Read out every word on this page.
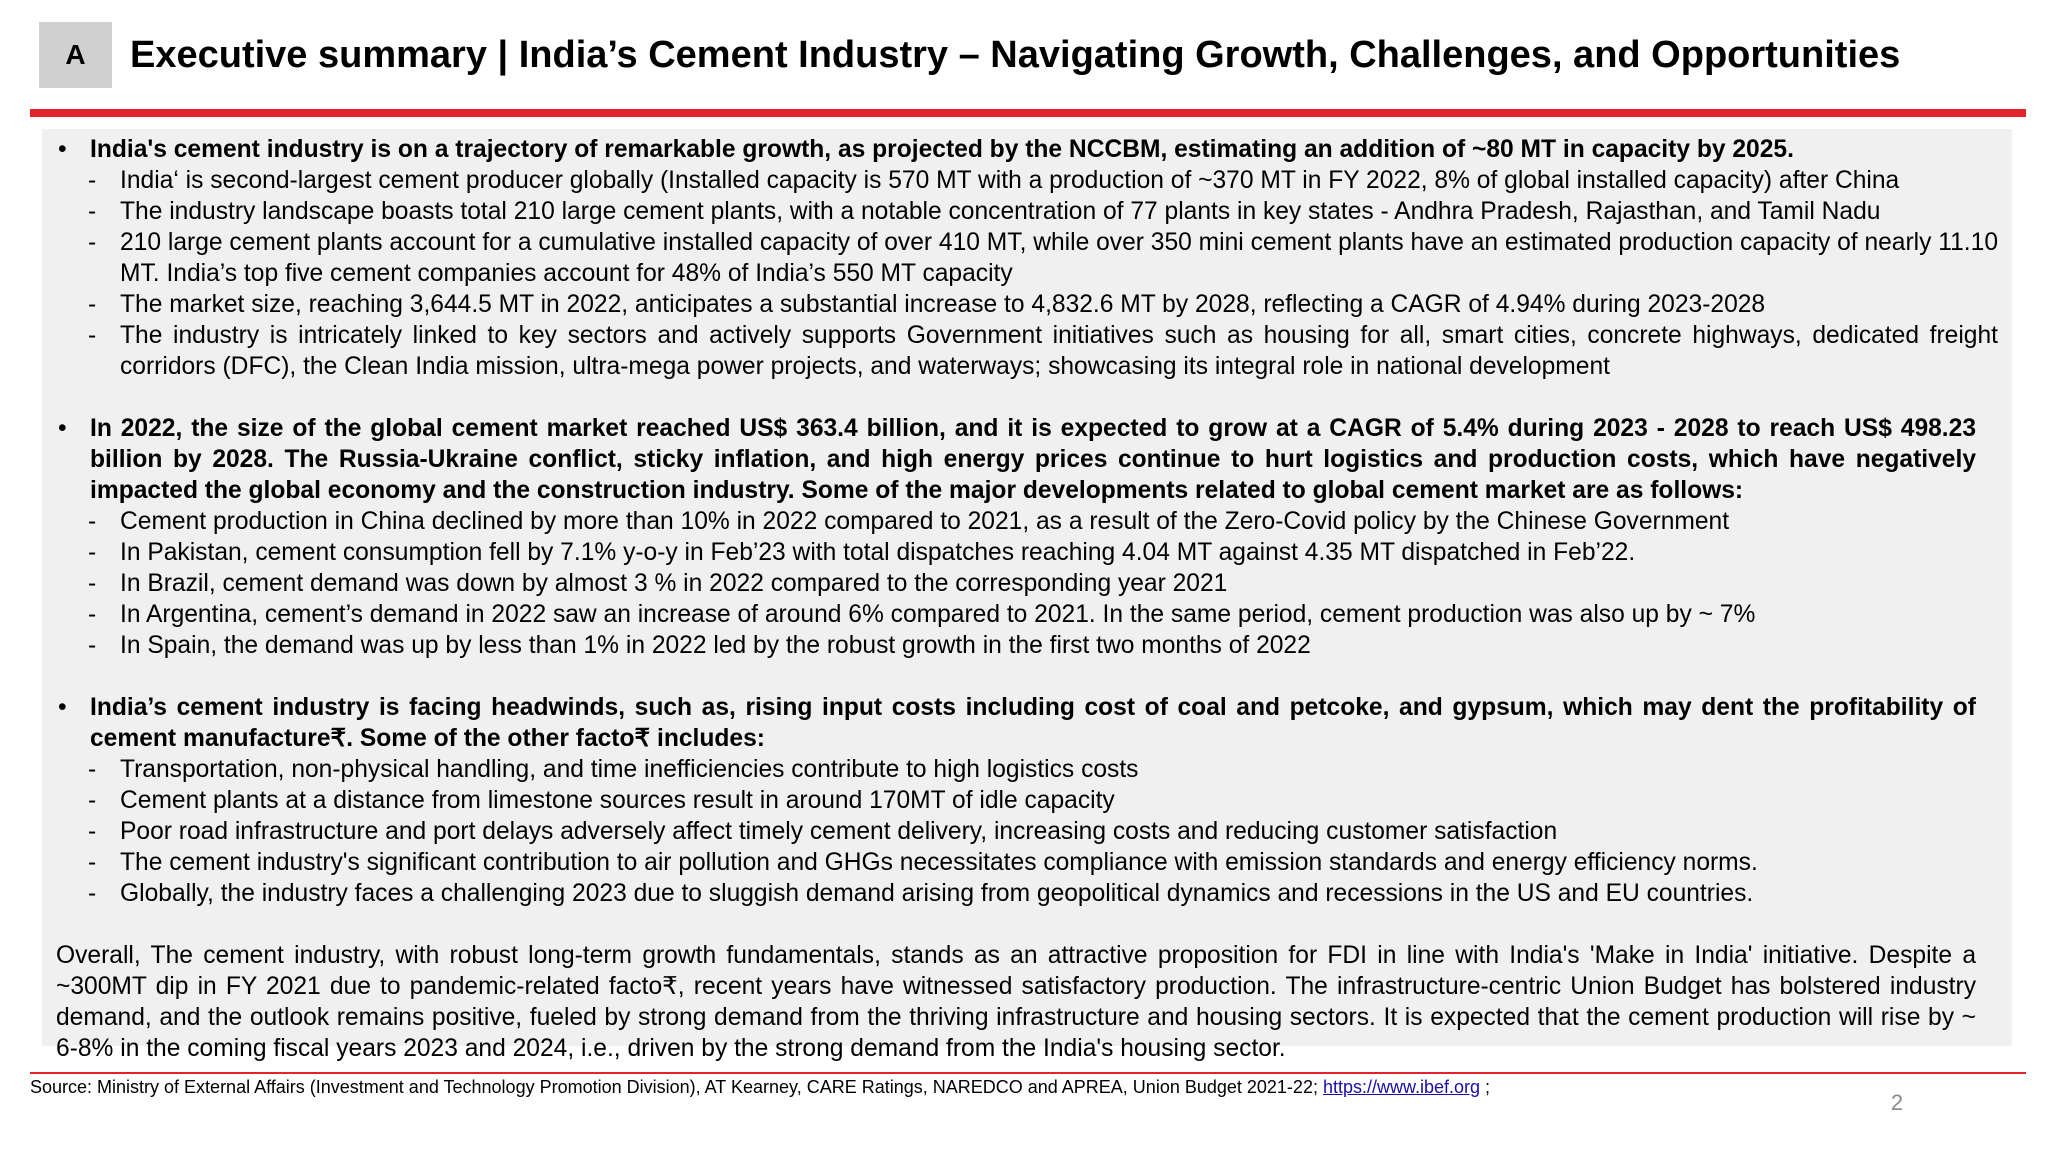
A	Executive summary | India’s Cement Industry – Navigating Growth, Challenges, and Opportunities
• India's cement industry is on a trajectory of remarkable growth, as projected by the NCCBM, estimating an addition of ~80 MT in capacity by 2025.
- India‘ is second-largest cement producer globally (Installed capacity is 570 MT with a production of ~370 MT in FY 2022, 8% of global installed capacity) after China
- The industry landscape boasts total 210 large cement plants, with a notable concentration of 77 plants in key states - Andhra Pradesh, Rajasthan, and Tamil Nadu
- 210 large cement plants account for a cumulative installed capacity of over 410 MT, while over 350 mini cement plants have an estimated production capacity of nearly 11.10 MT. India’s top five cement companies account for 48% of India’s 550 MT capacity
- The market size, reaching 3,644.5 MT in 2022, anticipates a substantial increase to 4,832.6 MT by 2028, reflecting a CAGR of 4.94% during 2023-2028
- The industry is intricately linked to key sectors and actively supports Government initiatives such as housing for all, smart cities, concrete highways, dedicated freight corridors (DFC), the Clean India mission, ultra-mega power projects, and waterways; showcasing its integral role in national development
• In 2022, the size of the global cement market reached US$ 363.4 billion, and it is expected to grow at a CAGR of 5.4% during 2023 - 2028 to reach US$ 498.23 billion by 2028. The Russia-Ukraine conflict, sticky inflation, and high energy prices continue to hurt logistics and production costs, which have negatively impacted the global economy and the construction industry. Some of the major developments related to global cement market are as follows:
- Cement production in China declined by more than 10% in 2022 compared to 2021, as a result of the Zero-Covid policy by the Chinese Government
- In Pakistan, cement consumption fell by 7.1% y-o-y in Feb’23 with total dispatches reaching 4.04 MT against 4.35 MT dispatched in Feb’22.
- In Brazil, cement demand was down by almost 3 % in 2022 compared to the corresponding year 2021
- In Argentina, cement’s demand in 2022 saw an increase of around 6% compared to 2021. In the same period, cement production was also up by ~ 7%
- In Spain, the demand was up by less than 1% in 2022 led by the robust growth in the first two months of 2022
• India’s cement industry is facing headwinds, such as, rising input costs including cost of coal and petcoke, and gypsum, which may dent the profitability of cement manufacture₹. Some of the other facto₹ includes:
- Transportation, non-physical handling, and time inefficiencies contribute to high logistics costs
- Cement plants at a distance from limestone sources result in around 170MT of idle capacity
- Poor road infrastructure and port delays adversely affect timely cement delivery, increasing costs and reducing customer satisfaction
- The cement industry's significant contribution to air pollution and GHGs necessitates compliance with emission standards and energy efficiency norms.
- Globally, the industry faces a challenging 2023 due to sluggish demand arising from geopolitical dynamics and recessions in the US and EU countries.
Overall, The cement industry, with robust long-term growth fundamentals, stands as an attractive proposition for FDI in line with India's 'Make in India' initiative. Despite a ~300MT dip in FY 2021 due to pandemic-related facto₹, recent years have witnessed satisfactory production. The infrastructure-centric Union Budget has bolstered industry demand, and the outlook remains positive, fueled by strong demand from the thriving infrastructure and housing sectors. It is expected that the cement production will rise by ~ 6-8% in the coming fiscal years 2023 and 2024, i.e., driven by the strong demand from the India's housing sector.
Source: Ministry of External Affairs (Investment and Technology Promotion Division), AT Kearney, CARE Ratings, NAREDCO and APREA, Union Budget 2021-22; https://www.ibef.org ;
2
